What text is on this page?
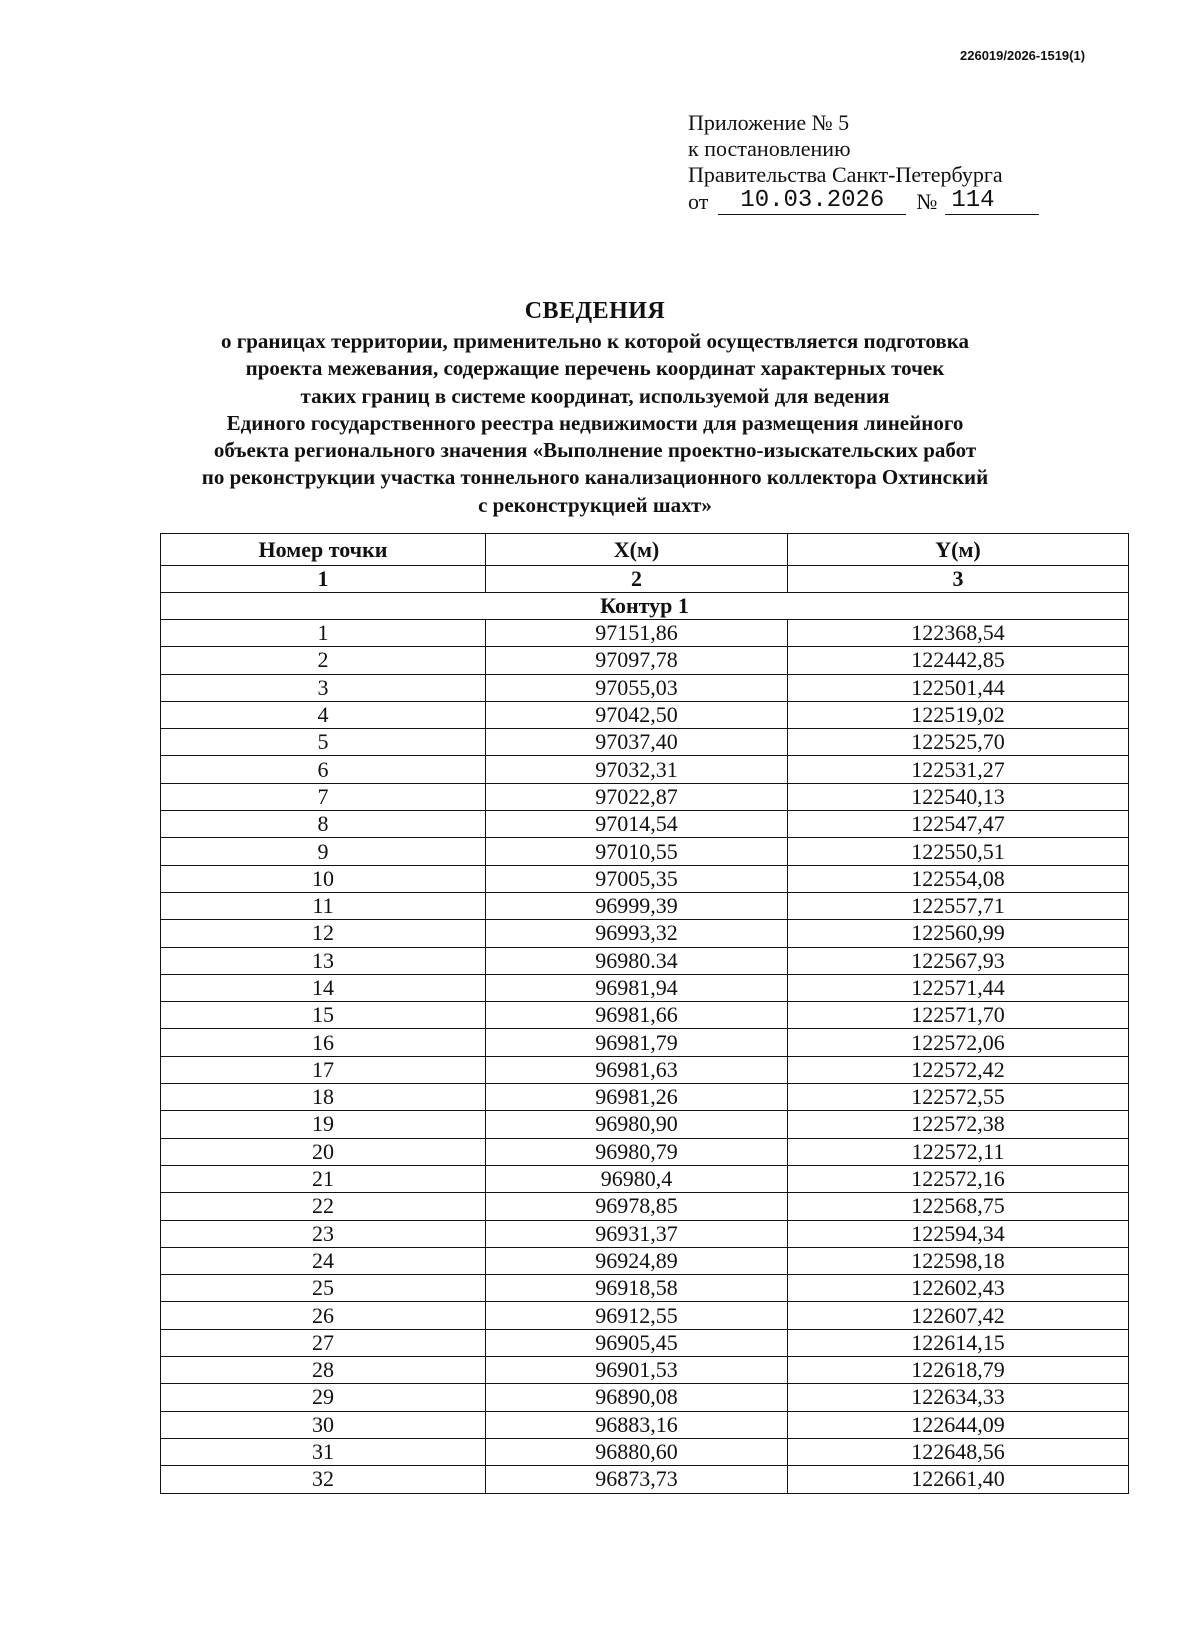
226019/2026-1519(1)
Приложение № 5
к постановлению
Правительства Санкт-Петербурга
от	10.03.2026	№ 114
СВЕДЕНИЯ
о границах территории, применительно к которой осуществляется подготовка
проекта межевания, содержащие перечень координат характерных точек
таких границ в системе координат, используемой для ведения
Единого государственного реестра недвижимости для размещения линейного
объекта регионального значения «Выполнение проектно-изыскательских работ
по реконструкции участка тоннельного канализационного коллектора Охтинский
с реконструкцией шахт»
Номер точки	X(м)	Y(м)
1	2	3
Контур 1		
1	97151,86	122368,54
2	97097,78	122442,85
3	97055,03	122501,44
4	97042,50	122519,02
5	97037,40	122525,70
6	97032,31	122531,27
7	97022,87	122540,13
8	97014,54	122547,47
9	97010,55	122550,51
10	97005,35	122554,08
11	96999,39	122557,71
12	96993,32	122560,99
13	96980.34	122567,93
14	96981,94	122571,44
15	96981,66	122571,70
16	96981,79	122572,06
17	96981,63	122572,42
18	96981,26	122572,55
19	96980,90	122572,38
20	96980,79	122572,11
21	96980,4	122572,16
22	96978,85	122568,75
23	96931,37	122594,34
24	96924,89	122598,18
25	96918,58	122602,43
26	96912,55	122607,42
27	96905,45	122614,15
28	96901,53	122618,79
29	96890,08	122634,33
30	96883,16	122644,09
31	96880,60	122648,56
32	96873,73	122661,40
